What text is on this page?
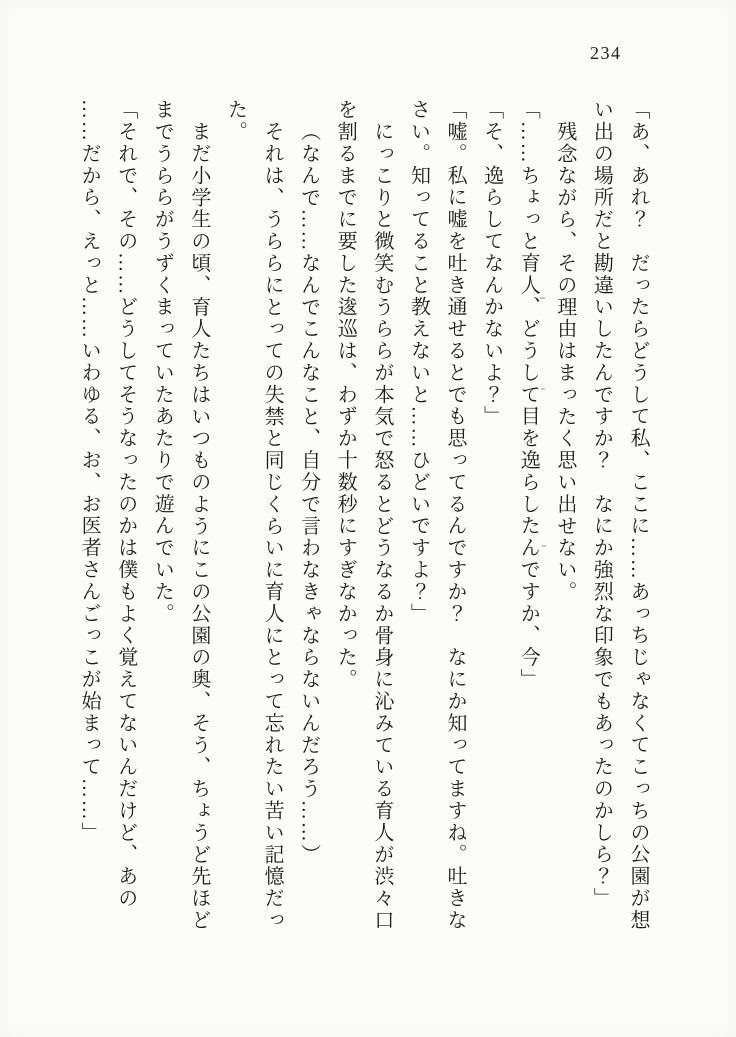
234

「あ、あれ？　だったらどうして私、ここに……あっちじゃなくてこっちの公園が想

い出の場所だと勘違いしたんですか？　なにか強烈な印象でもあったのかしら？」

残念ながら、その理由はまったく思い出せない。

「……ちょっと育人、どうして目を逸らしたんですか、今」

「そ、逸らしてなんかないよ？」

「嘘。私に嘘を吐き通せるとでも思ってるんですか？　なにか知ってますね。吐きな

さい。知ってること教えないと……ひどいですよ？」

にっこりと微笑むうららが本気で怒るとどうなるか骨身に沁みている育人が渋々口

を割るまでに要した逡巡は、わずか十数秒にすぎなかった。

（なんで……なんでこんなこと、自分で言わなきゃならないんだろう……）

それは、うららにとっての失禁と同じくらいに育人にとって忘れたい苦い記憶だっ

た。

まだ小学生の頃、育人たちはいつものようにこの公園の奥、そう、ちょうど先ほど

までうららがうずくまっていたあたりで遊んでいた。

「それで、その……どうしてそうなったのかは僕もよく覚えてないんだけど、あの

……だから、えっと……いわゆる、お、お医者さんごっこが始まって……」
